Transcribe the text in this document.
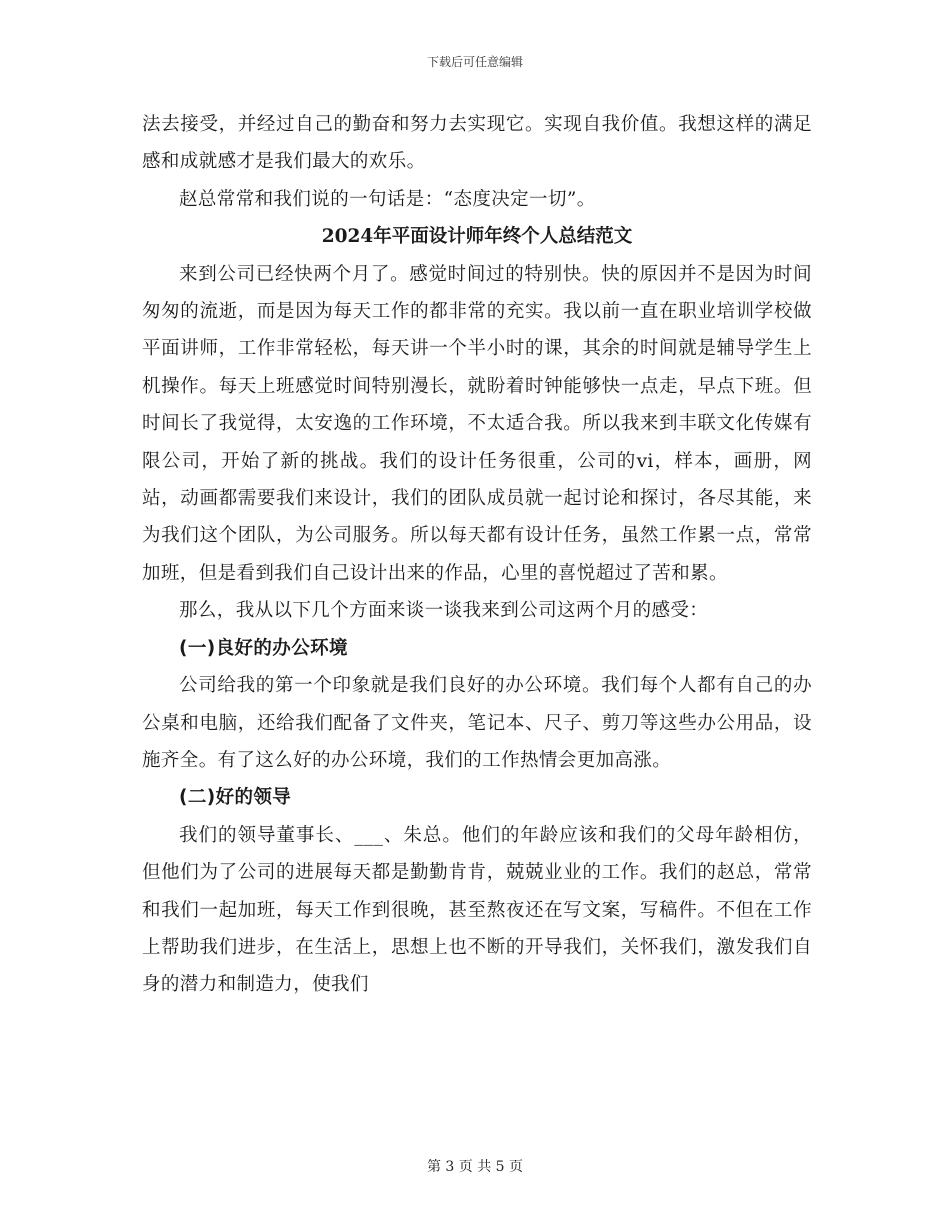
下载后可任意编辑

法去接受，并经过自己的勤奋和努力去实现它。实现自我价值。我想这样的满足感和成就感才是我们最大的欢乐。

赵总常常和我们说的一句话是：“态度决定一切”。

2024年平面设计师年终个人总结范文

来到公司已经快两个月了。感觉时间过的特别快。快的原因并不是因为时间匆匆的流逝，而是因为每天工作的都非常的充实。我以前一直在职业培训学校做平面讲师，工作非常轻松，每天讲一个半小时的课，其余的时间就是辅导学生上机操作。每天上班感觉时间特别漫长，就盼着时钟能够快一点走，早点下班。但时间长了我觉得，太安逸的工作环境，不太适合我。所以我来到丰联文化传媒有限公司，开始了新的挑战。我们的设计任务很重，公司的vi，样本，画册，网站，动画都需要我们来设计，我们的团队成员就一起讨论和探讨，各尽其能，来为我们这个团队，为公司服务。所以每天都有设计任务，虽然工作累一点，常常加班，但是看到我们自己设计出来的作品，心里的喜悦超过了苦和累。

那么，我从以下几个方面来谈一谈我来到公司这两个月的感受：

(一)良好的办公环境

公司给我的第一个印象就是我们良好的办公环境。我们每个人都有自己的办公桌和电脑，还给我们配备了文件夹，笔记本、尺子、剪刀等这些办公用品，设施齐全。有了这么好的办公环境，我们的工作热情会更加高涨。

(二)好的领导

我们的领导董事长、___、朱总。他们的年龄应该和我们的父母年龄相仿，但他们为了公司的进展每天都是勤勤肯肯，兢兢业业的工作。我们的赵总，常常和我们一起加班，每天工作到很晚，甚至熬夜还在写文案，写稿件。不但在工作上帮助我们进步，在生活上，思想上也不断的开导我们，关怀我们，激发我们自身的潜力和制造力，使我们

第 3 页 共 5 页
